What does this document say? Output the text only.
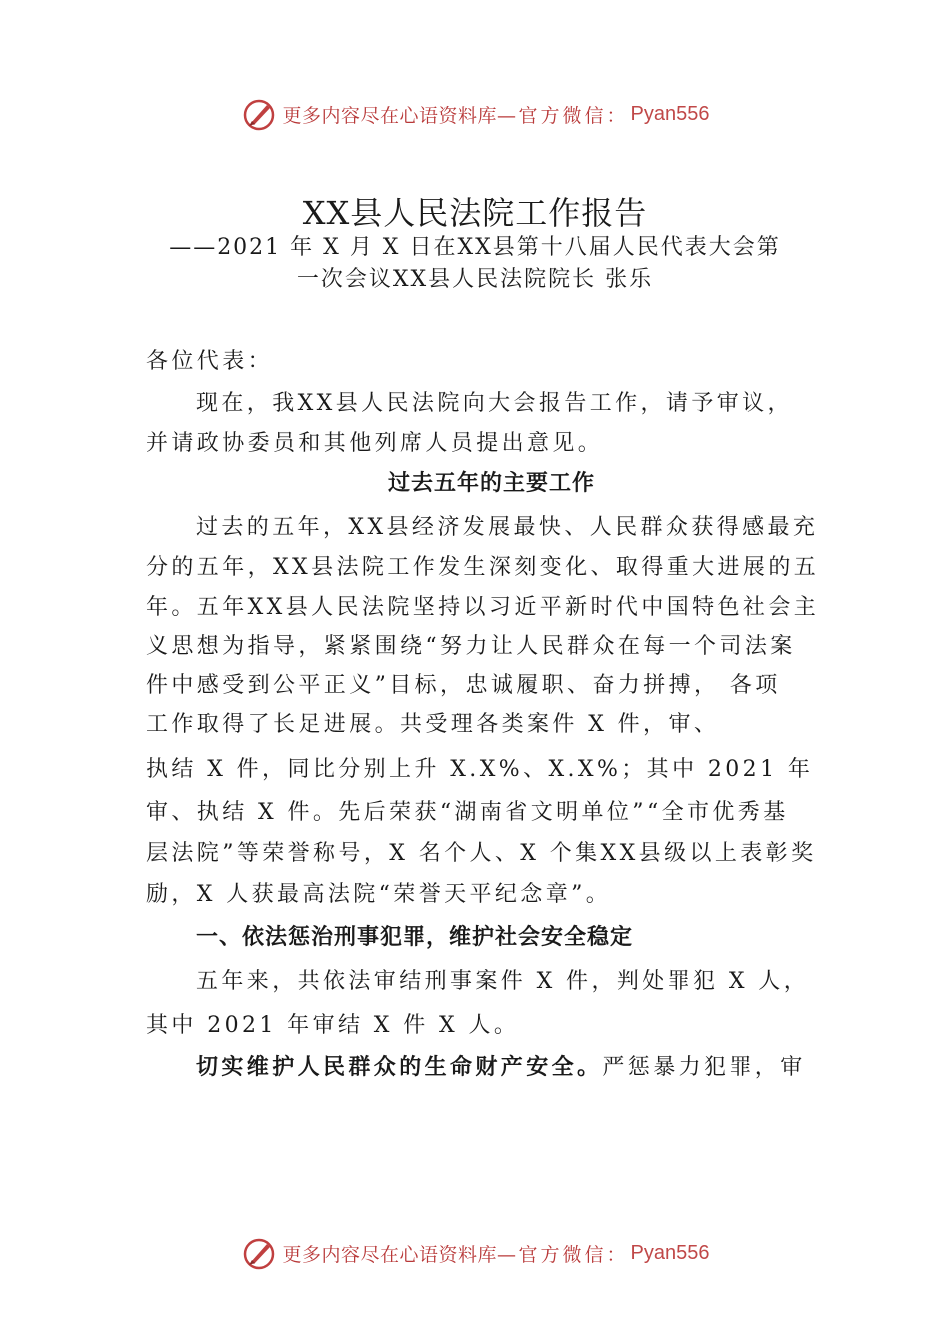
更多内容尽在心语资料库— 官方微信： Pyan556
XX县人民法院工作报告

——2021 年 X 月 X 日在XX县第十八届人民代表大会第

一次会议XX县人民法院院长 张乐

各位代表：

现在，我XX县人民法院向大会报告工作，请予审议，

并请政协委员和其他列席人员提出意见。

过去五年的主要工作

过去的五年，XX县经济发展最快、人民群众获得感最充

分的五年，XX县法院工作发生深刻变化、取得重大进展的五

年。五年XX县人民法院坚持以习近平新时代中国特色社会主

义思想为指导，紧紧围绕“努力让人民群众在每一个司法案

件中感受到公平正义”目标，忠诚履职、奋力拼搏， 各项

工作取得了长足进展。共受理各类案件 X 件，审、

执结 X 件，同比分别上升 X.X%、X.X%；其中 2021 年

审、执结 X 件。先后荣获“湖南省文明单位”“全市优秀基

层法院”等荣誉称号，X 名个人、X 个集XX县级以上表彰奖

励，X 人获最高法院“荣誉天平纪念章”。

一、依法惩治刑事犯罪，维护社会安全稳定

五年来，共依法审结刑事案件 X 件，判处罪犯 X 人，

其中 2021 年审结 X 件 X 人。

切实维护人民群众的生命财产安全。严惩暴力犯罪，审

更多内容尽在心语资料库— 官方微信： Pyan556
